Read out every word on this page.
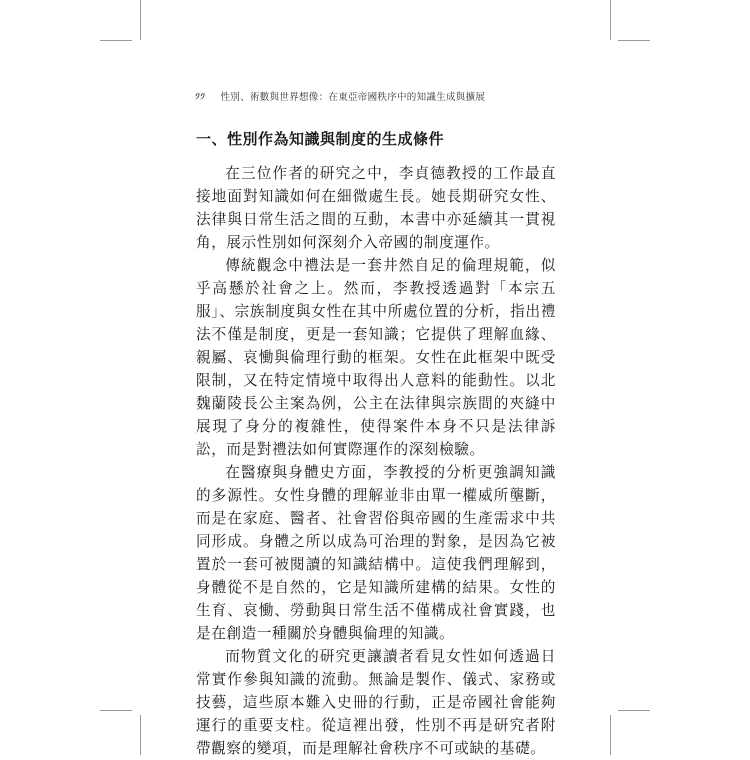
༡༡ 性別、術數與世界想像：在東亞帝國秩序中的知識生成與擴展
一、性別作為知識與制度的生成條件

在三位作者的研究之中，李貞德教授的工作最直接地面對知識如何在細微處生長。她長期研究女性、法律與日常生活之間的互動，本書中亦延續其一貫視角，展示性別如何深刻介入帝國的制度運作。

傳統觀念中禮法是一套井然自足的倫理規範，似乎高懸於社會之上。然而，李教授透過對「本宗五服」、宗族制度與女性在其中所處位置的分析，指出禮法不僅是制度，更是一套知識；它提供了理解血緣、親屬、哀慟與倫理行動的框架。女性在此框架中既受限制，又在特定情境中取得出人意料的能動性。以北魏蘭陵長公主案為例，公主在法律與宗族間的夾縫中展現了身分的複雜性，使得案件本身不只是法律訴訟，而是對禮法如何實際運作的深刻檢驗。

在醫療與身體史方面，李教授的分析更強調知識的多源性。女性身體的理解並非由單一權威所壟斷，而是在家庭、醫者、社會習俗與帝國的生產需求中共同形成。身體之所以成為可治理的對象，是因為它被置於一套可被閱讀的知識結構中。這使我們理解到，身體從不是自然的，它是知識所建構的結果。女性的生育、哀慟、勞動與日常生活不僅構成社會實踐，也是在創造一種關於身體與倫理的知識。

而物質文化的研究更讓讀者看見女性如何透過日常實作參與知識的流動。無論是製作、儀式、家務或技藝，這些原本難入史冊的行動，正是帝國社會能夠運行的重要支柱。從這裡出發，性別不再是研究者附帶觀察的變項，而是理解社會秩序不可或缺的基礎。
